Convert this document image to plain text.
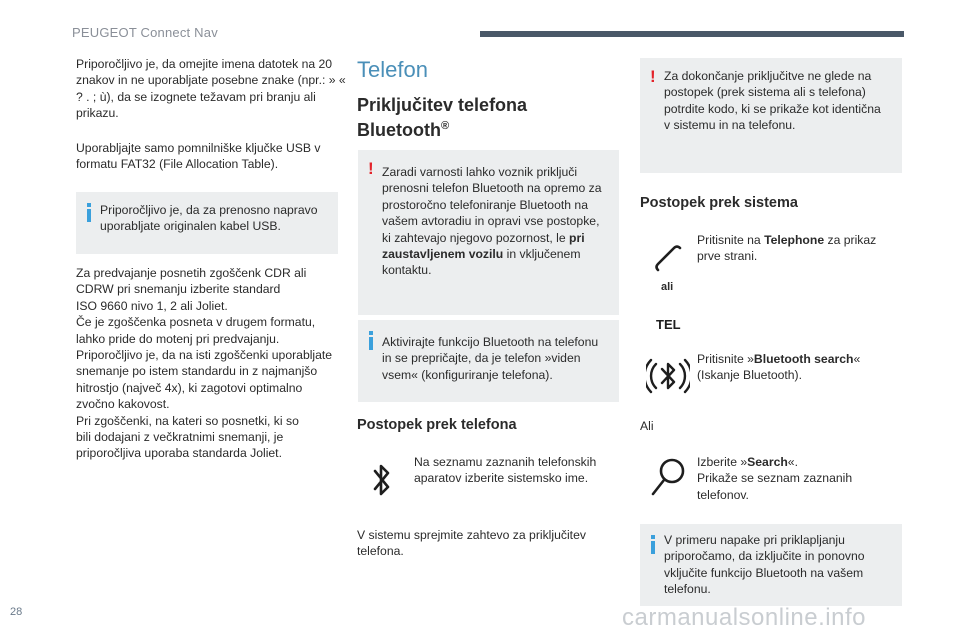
PEUGEOT Connect Nav

Priporočljivo je, da omejite imena datotek na 20 znakov in ne uporabljate posebne znake (npr.: » « ? . ; ù), da se izognete težavam pri branju ali prikazu.

Uporabljajte samo pomnilniške ključke USB v formatu FAT32 (File Allocation Table).

Priporočljivo je, da za prenosno napravo uporabljate originalen kabel USB.

Za predvajanje posnetih zgoščenk CDR ali
CDRW pri snemanju izberite standard
ISO 9660 nivo 1, 2 ali Joliet.
Če je zgoščenka posneta v drugem formatu,
lahko pride do motenj pri predvajanju.
Priporočljivo je, da na isti zgoščenki uporabljate
snemanje po istem standardu in z najmanjšo
hitrostjo (največ 4x), ki zagotovi optimalno
zvočno kakovost.
Pri zgoščenki, na kateri so posnetki, ki so
bili dodajani z večkratnimi snemanji, je
priporočljiva uporaba standarda Joliet.
Telefon
Priključitev telefona
Bluetooth®
! Zaradi varnosti lahko voznik priključi prenosni telefon Bluetooth na opremo za prostoročno telefoniranje Bluetooth na vašem avtoradiu in opravi vse postopke, ki zahtevajo njegovo pozornost, le pri zaustavljenem vozilu in vključenem kontaktu.

Aktivirajte funkcijo Bluetooth na telefonu in se prepričajte, da je telefon »viden vsem« (konfiguriranje telefona).

Postopek prek telefona

Na seznamu zaznanih telefonskih aparatov izberite sistemsko ime.

V sistemu sprejmite zahtevo za priključitev telefona.

! Za dokončanje priključitve ne glede na postopek (prek sistema ali s telefona) potrdite kodo, ki se prikaže kot identična v sistemu in na telefonu.

Postopek prek sistema

Pritisnite na Telephone za prikaz prve strani.

ali
TEL

Pritisnite »Bluetooth search« (Iskanje Bluetooth).

Ali
Izberite »Search«.
Prikaže se seznam zaznanih telefonov.

V primeru napake pri priklapljanju priporočamo, da izključite in ponovno vključite funkcijo Bluetooth na vašem telefonu.

28	carmanualsonline.info
